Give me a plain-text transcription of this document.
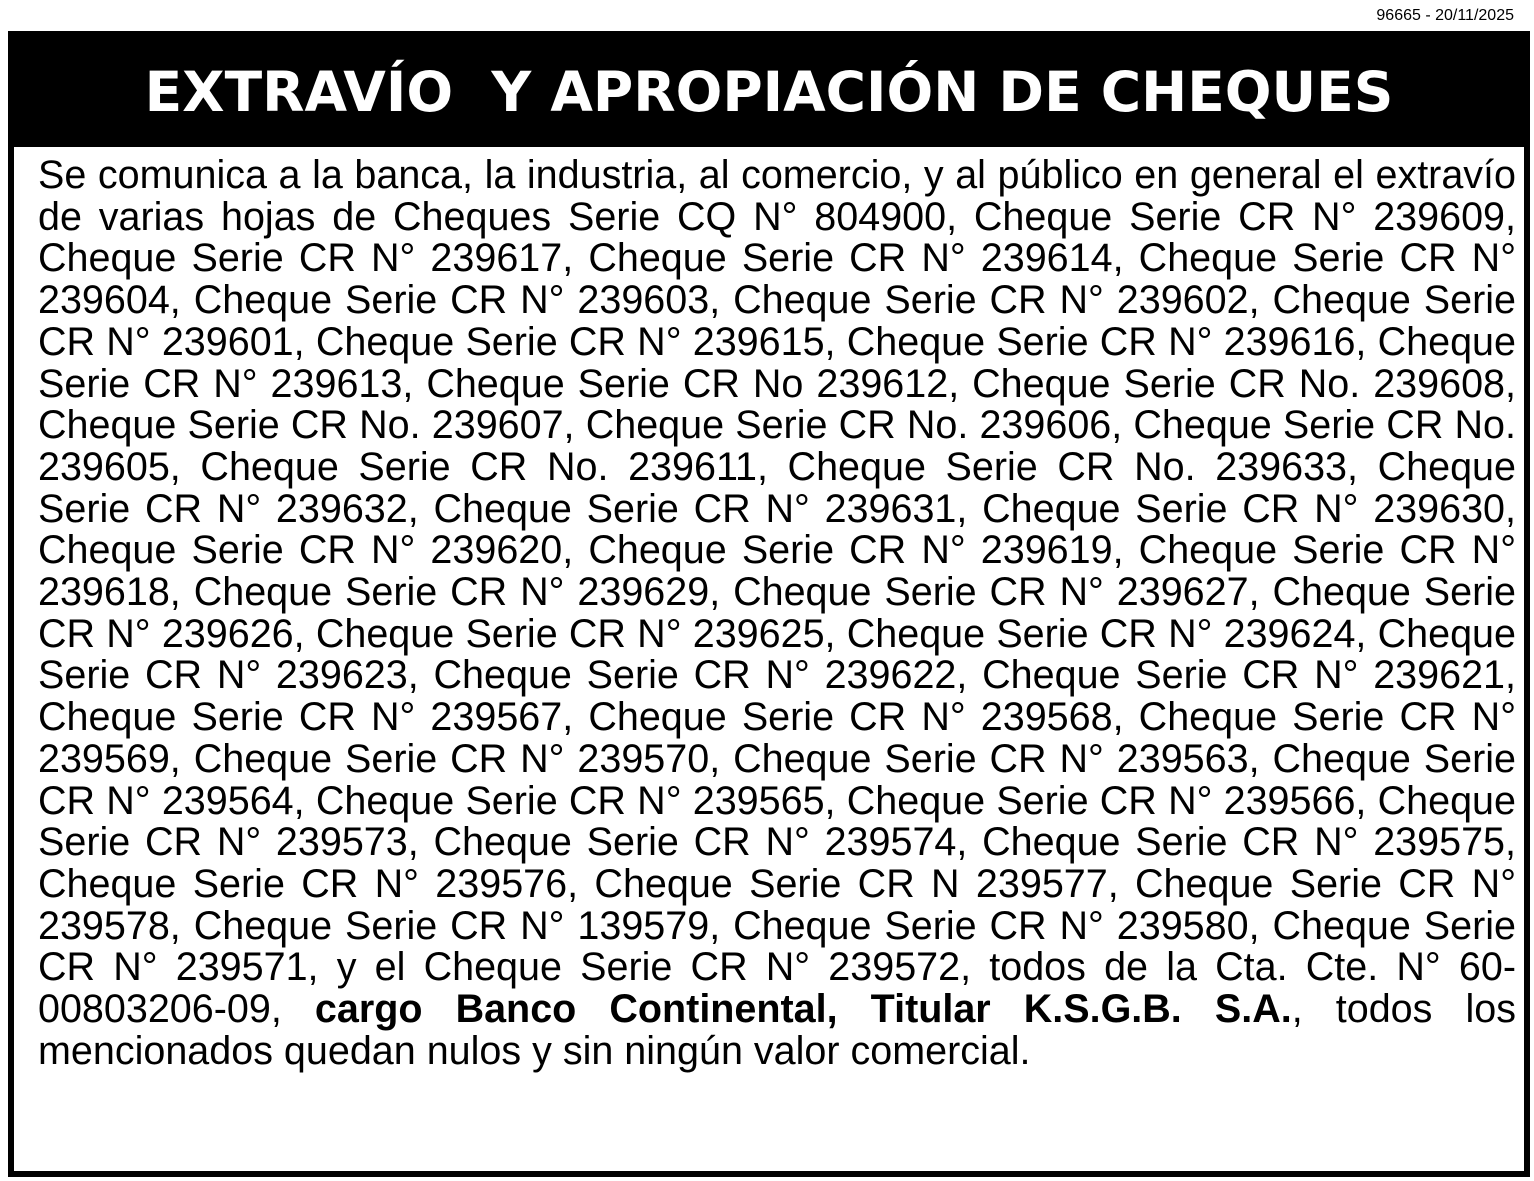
96665 - 20/11/2025
EXTRAVÍO  Y APROPIACIÓN DE CHEQUES

Se comunica a la banca, la industria, al comercio, y al público en general el extravío de varias hojas de Cheques Serie CQ N° 804900, Cheque Serie CR N° 239609, Cheque Serie CR N° 239617, Cheque Serie CR N° 239614, Cheque Serie CR N° 239604, Cheque Serie CR N° 239603, Cheque Serie CR N° 239602, Cheque Serie CR N° 239601, Cheque Serie CR N° 239615, Cheque Serie CR N° 239616, Cheque Serie CR N° 239613, Cheque Serie CR No 239612, Cheque Serie CR No. 239608, Cheque Serie CR No. 239607, Cheque Serie CR No. 239606, Cheque Serie CR No. 239605, Cheque Serie CR No. 239611, Cheque Serie CR No. 239633, Cheque Serie CR N° 239632, Cheque Serie CR N° 239631, Cheque Serie CR N° 239630, Cheque Serie CR N° 239620, Cheque Serie CR N° 239619, Cheque Serie CR N° 239618, Cheque Serie CR N° 239629, Cheque Serie CR N° 239627, Cheque Serie CR N° 239626, Cheque Serie CR N° 239625, Cheque Serie CR N° 239624, Cheque Serie CR N° 239623, Cheque Serie CR N° 239622, Cheque Serie CR N° 239621, Cheque Serie CR N° 239567, Cheque Serie CR N° 239568, Cheque Serie CR N° 239569, Cheque Serie CR N° 239570, Cheque Serie CR N° 239563, Cheque Serie CR N° 239564, Cheque Serie CR N° 239565, Cheque Serie CR N° 239566, Cheque Serie CR N° 239573, Cheque Serie CR N° 239574, Cheque Serie CR N° 239575, Cheque Serie CR N° 239576, Cheque Serie CR N 239577, Cheque Serie CR N° 239578, Cheque Serie CR N° 139579, Cheque Serie CR N° 239580, Cheque Serie CR N° 239571, y el Cheque Serie CR N° 239572, todos de la Cta. Cte. N° 60-00803206-09, cargo Banco Continental, Titular K.S.G.B. S.A., todos los mencionados quedan nulos y sin ningún valor comercial.
